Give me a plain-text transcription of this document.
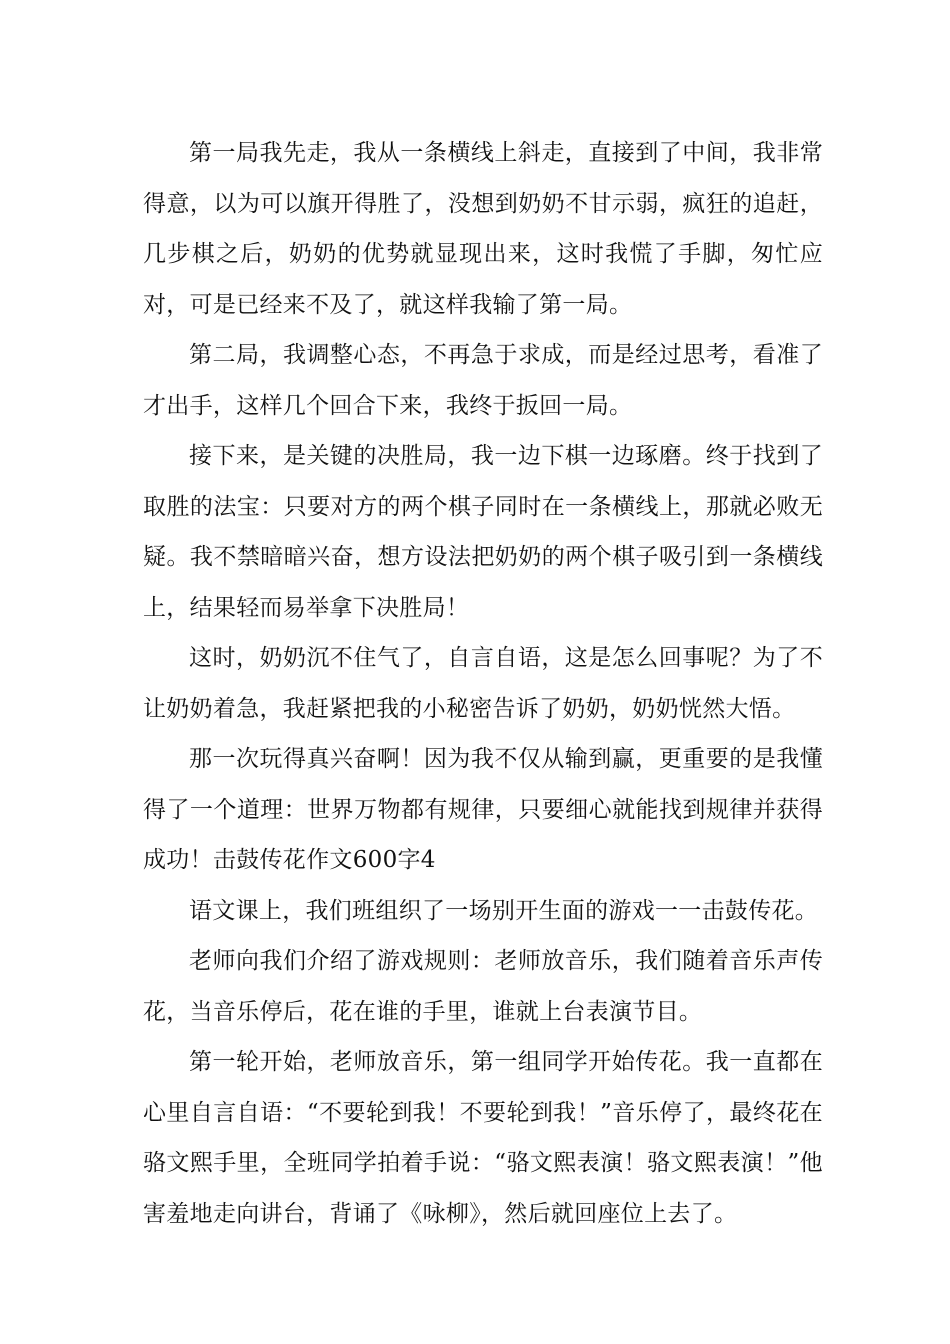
第一局我先走，我从一条横线上斜走，直接到了中间，我非常得意，以为可以旗开得胜了，没想到奶奶不甘示弱，疯狂的追赶，几步棋之后，奶奶的优势就显现出来，这时我慌了手脚，匆忙应对，可是已经来不及了，就这样我输了第一局。

第二局，我调整心态，不再急于求成，而是经过思考，看准了才出手，这样几个回合下来，我终于扳回一局。

接下来，是关键的决胜局，我一边下棋一边琢磨。终于找到了取胜的法宝：只要对方的两个棋子同时在一条横线上，那就必败无疑。我不禁暗暗兴奋，想方设法把奶奶的两个棋子吸引到一条横线上，结果轻而易举拿下决胜局！

这时，奶奶沉不住气了，自言自语，这是怎么回事呢？为了不让奶奶着急，我赶紧把我的小秘密告诉了奶奶，奶奶恍然大悟。

那一次玩得真兴奋啊！因为我不仅从输到赢，更重要的是我懂得了一个道理：世界万物都有规律，只要细心就能找到规律并获得成功！击鼓传花作文600字4

语文课上，我们班组织了一场别开生面的游戏一一击鼓传花。

老师向我们介绍了游戏规则：老师放音乐，我们随着音乐声传花，当音乐停后，花在谁的手里，谁就上台表演节目。

第一轮开始，老师放音乐，第一组同学开始传花。我一直都在心里自言自语：“不要轮到我！不要轮到我！”音乐停了，最终花在骆文熙手里，全班同学拍着手说：“骆文熙表演！骆文熙表演！”他害羞地走向讲台，背诵了《咏柳》，然后就回座位上去了。
